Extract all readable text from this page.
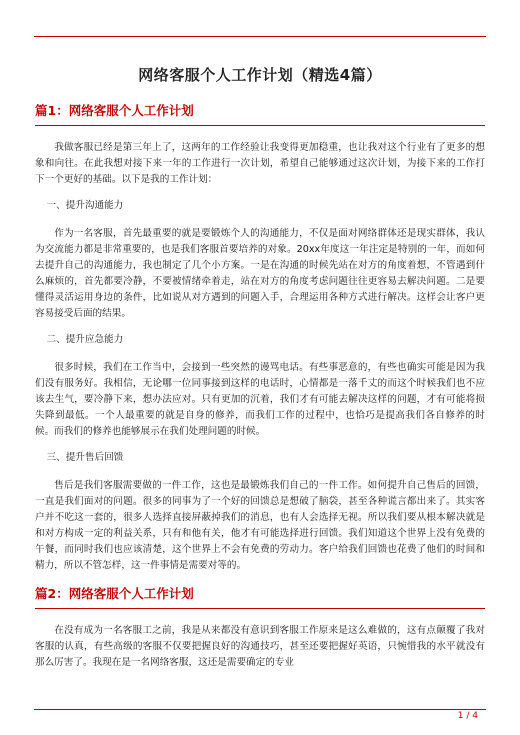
网络客服个人工作计划（精选4篇）
篇1：网络客服个人工作计划

我做客服已经是第三年上了，这两年的工作经验让我变得更加稳重，也让我对这个行业有了更多的想象和向往。在此我想对接下来一年的工作进行一次计划，希望自己能够通过这次计划，为接下来的工作打下一个更好的基础。以下是我的工作计划：

一、提升沟通能力

作为一名客服，首先最重要的就是要锻炼个人的沟通能力，不仅是面对网络群体还是现实群体，我认为交流能力都是非常重要的，也是我们客服首要培养的对象。20xx年度这一年注定是特别的一年，而如何去提升自己的沟通能力，我也制定了几个小方案。一是在沟通的时候先站在对方的角度着想，不管遇到什么麻烦的，首先都要冷静，不要被情绪牵着走，站在对方的角度考虑问题往往更容易去解决问题。二是要懂得灵活运用身边的条件，比如说从对方遇到的问题入手，合理运用各种方式进行解决。这样会让客户更容易接受后面的结果。

二、提升应急能力

很多时候，我们在工作当中，会接到一些突然的谩骂电话。有些事恶意的，有些也确实可能是因为我们没有服务好。我相信，无论哪一位同事接到这样的电话时，心情都是一落千丈的而这个时候我们也不应该去生气，要冷静下来，想办法应对。只有更加的沉着，我们才有可能去解决这样的问题，才有可能将损失降到最低。一个人最重要的就是自身的修养，而我们工作的过程中，也恰巧是提高我们各自修养的时候。而我们的修养也能够展示在我们处理问题的时候。

三、提升售后回馈

售后是我们客服需要做的一件工作，这也是最锻炼我们自己的一件工作。如何提升自己售后的回馈，一直是我们面对的问题。很多的同事为了一个好的回馈总是想破了脑袋，甚至各种谎言都出来了。其实客户并不吃这一套的，很多人选择直接屏蔽掉我们的消息，也有人会选择无视。所以我们要从根本解决就是和对方构成一定的利益关系，只有和他有关，他才有可能选择进行回馈。我们知道这个世界上没有免费的午餐，而同时我们也应该清楚，这个世界上不会有免费的劳动力。客户给我们回馈也花费了他们的时间和精力，所以不管怎样，这一件事情是需要对等的。

篇2：网络客服个人工作计划

在没有成为一名客服工之前，我是从来都没有意识到客服工作原来是这么难做的，这有点颠覆了我对客服的认真，有些高级的客服不仅要把握良好的沟通技巧，甚至还要把握好英语，只惋惜我的水平就没有那么厉害了。我现在是一名网络客服，这还是需要确定的专业

1 / 4
